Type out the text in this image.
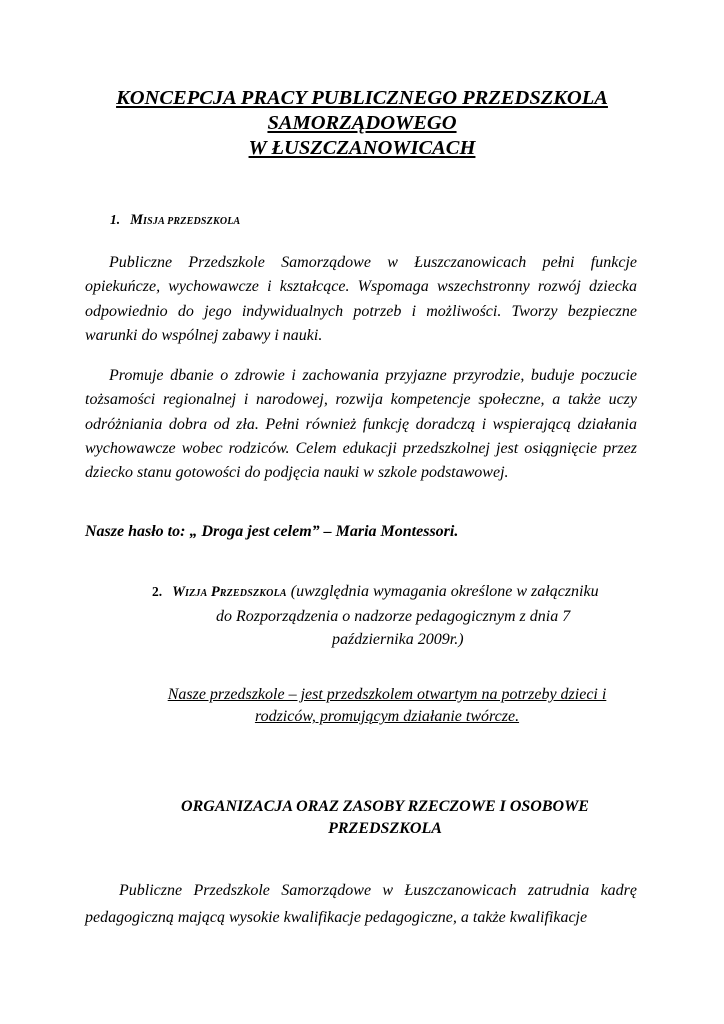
KONCEPCJA PRACY PUBLICZNEGO PRZEDSZKOLA
SAMORZĄDOWEGO
W ŁUSZCZANOWICACH
1. MISJA PRZEDSZKOLA

Publiczne Przedszkole Samorządowe w Łuszczanowicach pełni funkcje opiekuńcze, wychowawcze i kształcące. Wspomaga wszechstronny rozwój dziecka odpowiednio do jego indywidualnych potrzeb i możliwości. Tworzy bezpieczne warunki do wspólnej zabawy i nauki.

Promuje dbanie o zdrowie i zachowania przyjazne przyrodzie, buduje poczucie tożsamości regionalnej i narodowej, rozwija kompetencje społeczne, a także uczy odróżniania dobra od zła. Pełni również funkcję doradczą i wspierającą działania wychowawcze wobec rodziców. Celem edukacji przedszkolnej jest osiągnięcie przez dziecko stanu gotowości do podjęcia nauki w szkole podstawowej.

Nasze hasło to: „ Droga jest celem” – Maria Montessori.

2. WIZJA PRZEDSZKOLA (uwzględnia wymagania określone w załączniku
do Rozporządzenia o nadzorze pedagogicznym z dnia 7
października 2009r.)

Nasze przedszkole – jest przedszkolem otwartym na potrzeby dzieci i
rodziców, promującym działanie twórcze.

ORGANIZACJA ORAZ ZASOBY RZECZOWE I OSOBOWE
PRZEDSZKOLA

Publiczne Przedszkole Samorządowe w Łuszczanowicach zatrudnia kadrę pedagogiczną mającą wysokie kwalifikacje pedagogiczne, a także kwalifikacje
